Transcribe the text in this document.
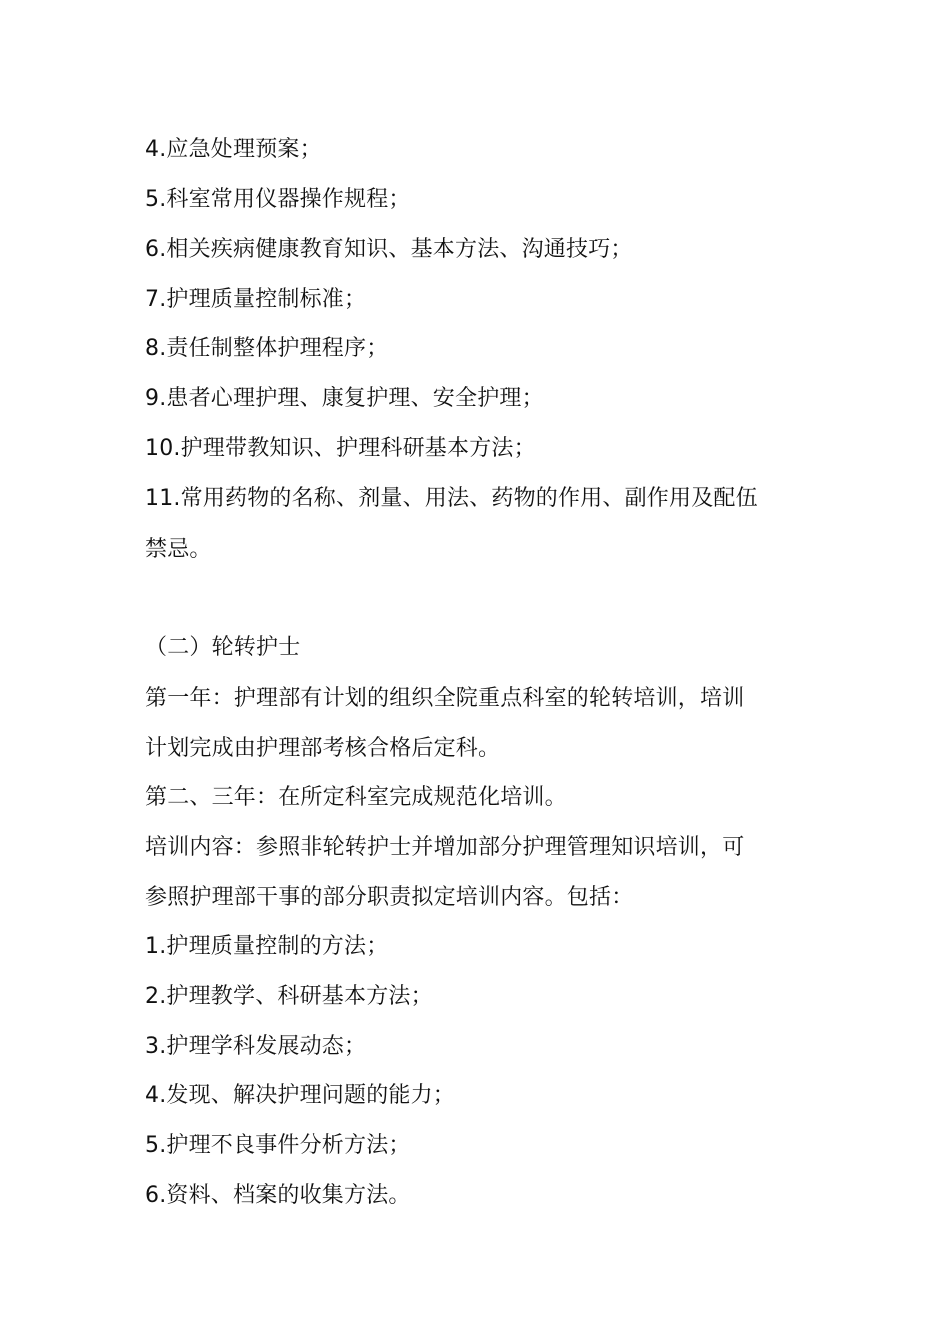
4.应急处理预案；
5.科室常用仪器操作规程；
6.相关疾病健康教育知识、基本方法、沟通技巧；
7.护理质量控制标准；
8.责任制整体护理程序；
9.患者心理护理、康复护理、安全护理；
10.护理带教知识、护理科研基本方法；
11.常用药物的名称、剂量、用法、药物的作用、副作用及配伍
禁忌。
（二）轮转护士
第一年：护理部有计划的组织全院重点科室的轮转培训，培训
计划完成由护理部考核合格后定科。
第二、三年：在所定科室完成规范化培训。
培训内容：参照非轮转护士并增加部分护理管理知识培训，可
参照护理部干事的部分职责拟定培训内容。包括：
1.护理质量控制的方法；
2.护理教学、科研基本方法；
3.护理学科发展动态；
4.发现、解决护理问题的能力；
5.护理不良事件分析方法；
6.资料、档案的收集方法。
